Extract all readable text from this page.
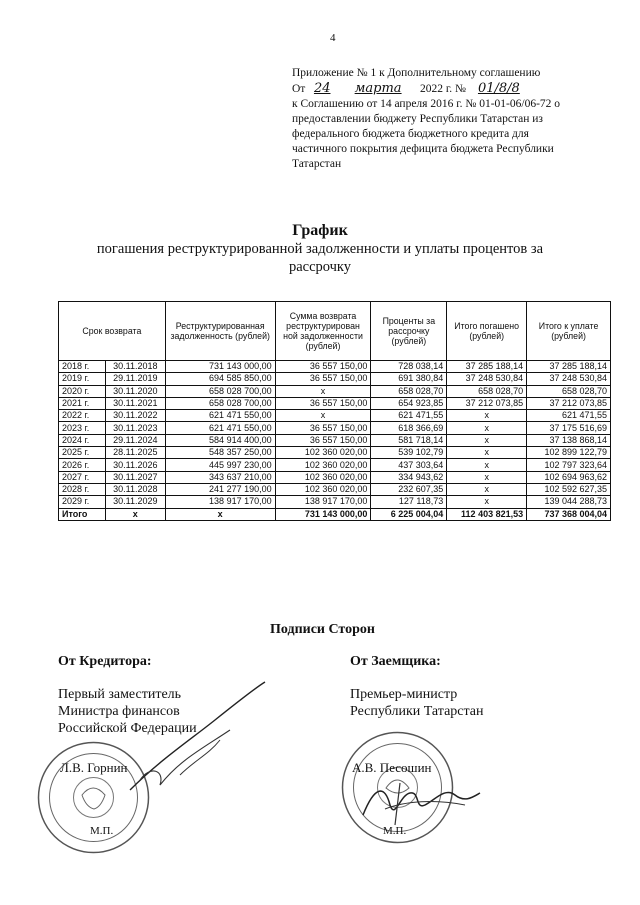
4
Приложение № 1 к Дополнительному соглашению
От 24 марта 2022 г. № 01/8/8
к Соглашению от 14 апреля 2016 г. № 01-01-06/06-72 о
предоставлении бюджету Республики Татарстан из
федерального бюджета бюджетного кредита для
частичного покрытия дефицита бюджета Республики
Татарстан
График
погашения реструктурированной задолженности и уплаты процентов за
рассрочку
Срок возврата		Реструктурированная задолженность (рублей)	Сумма возврата реструктурирован ной задолженности (рублей)	Проценты за рассрочку (рублей)	Итого погашено (рублей)	Итого к уплате (рублей)
2018 г.	30.11.2018	731 143 000,00	36 557 150,00	728 038,14	37 285 188,14	37 285 188,14
2019 г.	29.11.2019	694 585 850,00	36 557 150,00	691 380,84	37 248 530,84	37 248 530,84
2020 г.	30.11.2020	658 028 700,00	х	658 028,70	658 028,70	658 028,70
2021 г.	30.11.2021	658 028 700,00	36 557 150,00	654 923,85	37 212 073,85	37 212 073,85
2022 г.	30.11.2022	621 471 550,00	х	621 471,55	х	621 471,55
2023 г.	30.11.2023	621 471 550,00	36 557 150,00	618 366,69	х	37 175 516,69
2024 г.	29.11.2024	584 914 400,00	36 557 150,00	581 718,14	х	37 138 868,14
2025 г.	28.11.2025	548 357 250,00	102 360 020,00	539 102,79	х	102 899 122,79
2026 г.	30.11.2026	445 997 230,00	102 360 020,00	437 303,64	х	102 797 323,64
2027 г.	30.11.2027	343 637 210,00	102 360 020,00	334 943,62	х	102 694 963,62
2028 г.	30.11.2028	241 277 190,00	102 360 020,00	232 607,35	х	102 592 627,35
2029 г.	30.11.2029	138 917 170,00	138 917 170,00	127 118,73	х	139 044 288,73
Итого	х	х	731 143 000,00	6 225 004,04	112 403 821,53	737 368 004,04
Подписи Сторон
От Кредитора:
Первый заместитель
Министра финансов
Российской Федерации
Л.В. Горнин
М.П.
От Заемщика:
Премьер-министр
Республики Татарстан
А.В. Песошин
М.П.
